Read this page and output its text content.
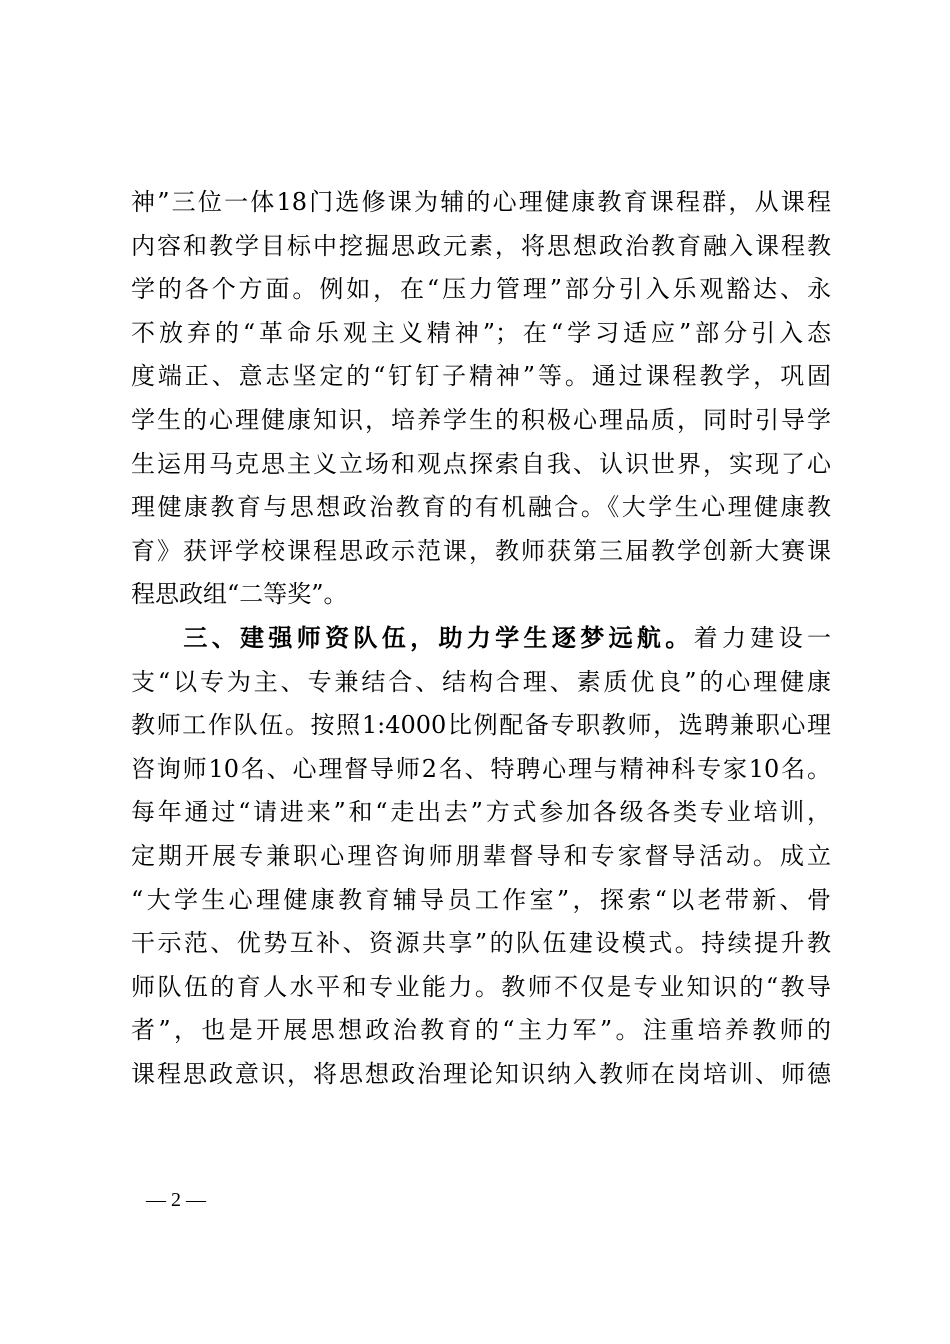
神”三位一体18门选修课为辅的心理健康教育课程群，从课程
内容和教学目标中挖掘思政元素，将思想政治教育融入课程教
学的各个方面。例如，在“压力管理”部分引入乐观豁达、永
不放弃的“革命乐观主义精神”；在“学习适应”部分引入态
度端正、意志坚定的“钉钉子精神”等。通过课程教学，巩固
学生的心理健康知识，培养学生的积极心理品质，同时引导学
生运用马克思主义立场和观点探索自我、认识世界，实现了心
理健康教育与思想政治教育的有机融合。《大学生心理健康教
育》获评学校课程思政示范课，教师获第三届教学创新大赛课
程思政组“二等奖”。
三、建强师资队伍，助力学生逐梦远航。着力建设一
支“以专为主、专兼结合、结构合理、素质优良”的心理健康
教师工作队伍。按照1:4000比例配备专职教师，选聘兼职心理
咨询师10名、心理督导师2名、特聘心理与精神科专家10名。
每年通过“请进来”和“走出去”方式参加各级各类专业培训，
定期开展专兼职心理咨询师朋辈督导和专家督导活动。成立
“大学生心理健康教育辅导员工作室”，探索“以老带新、骨
干示范、优势互补、资源共享”的队伍建设模式。持续提升教
师队伍的育人水平和专业能力。教师不仅是专业知识的“教导
者”，也是开展思想政治教育的“主力军”。注重培养教师的
课程思政意识，将思想政治理论知识纳入教师在岗培训、师德
— 2 —
